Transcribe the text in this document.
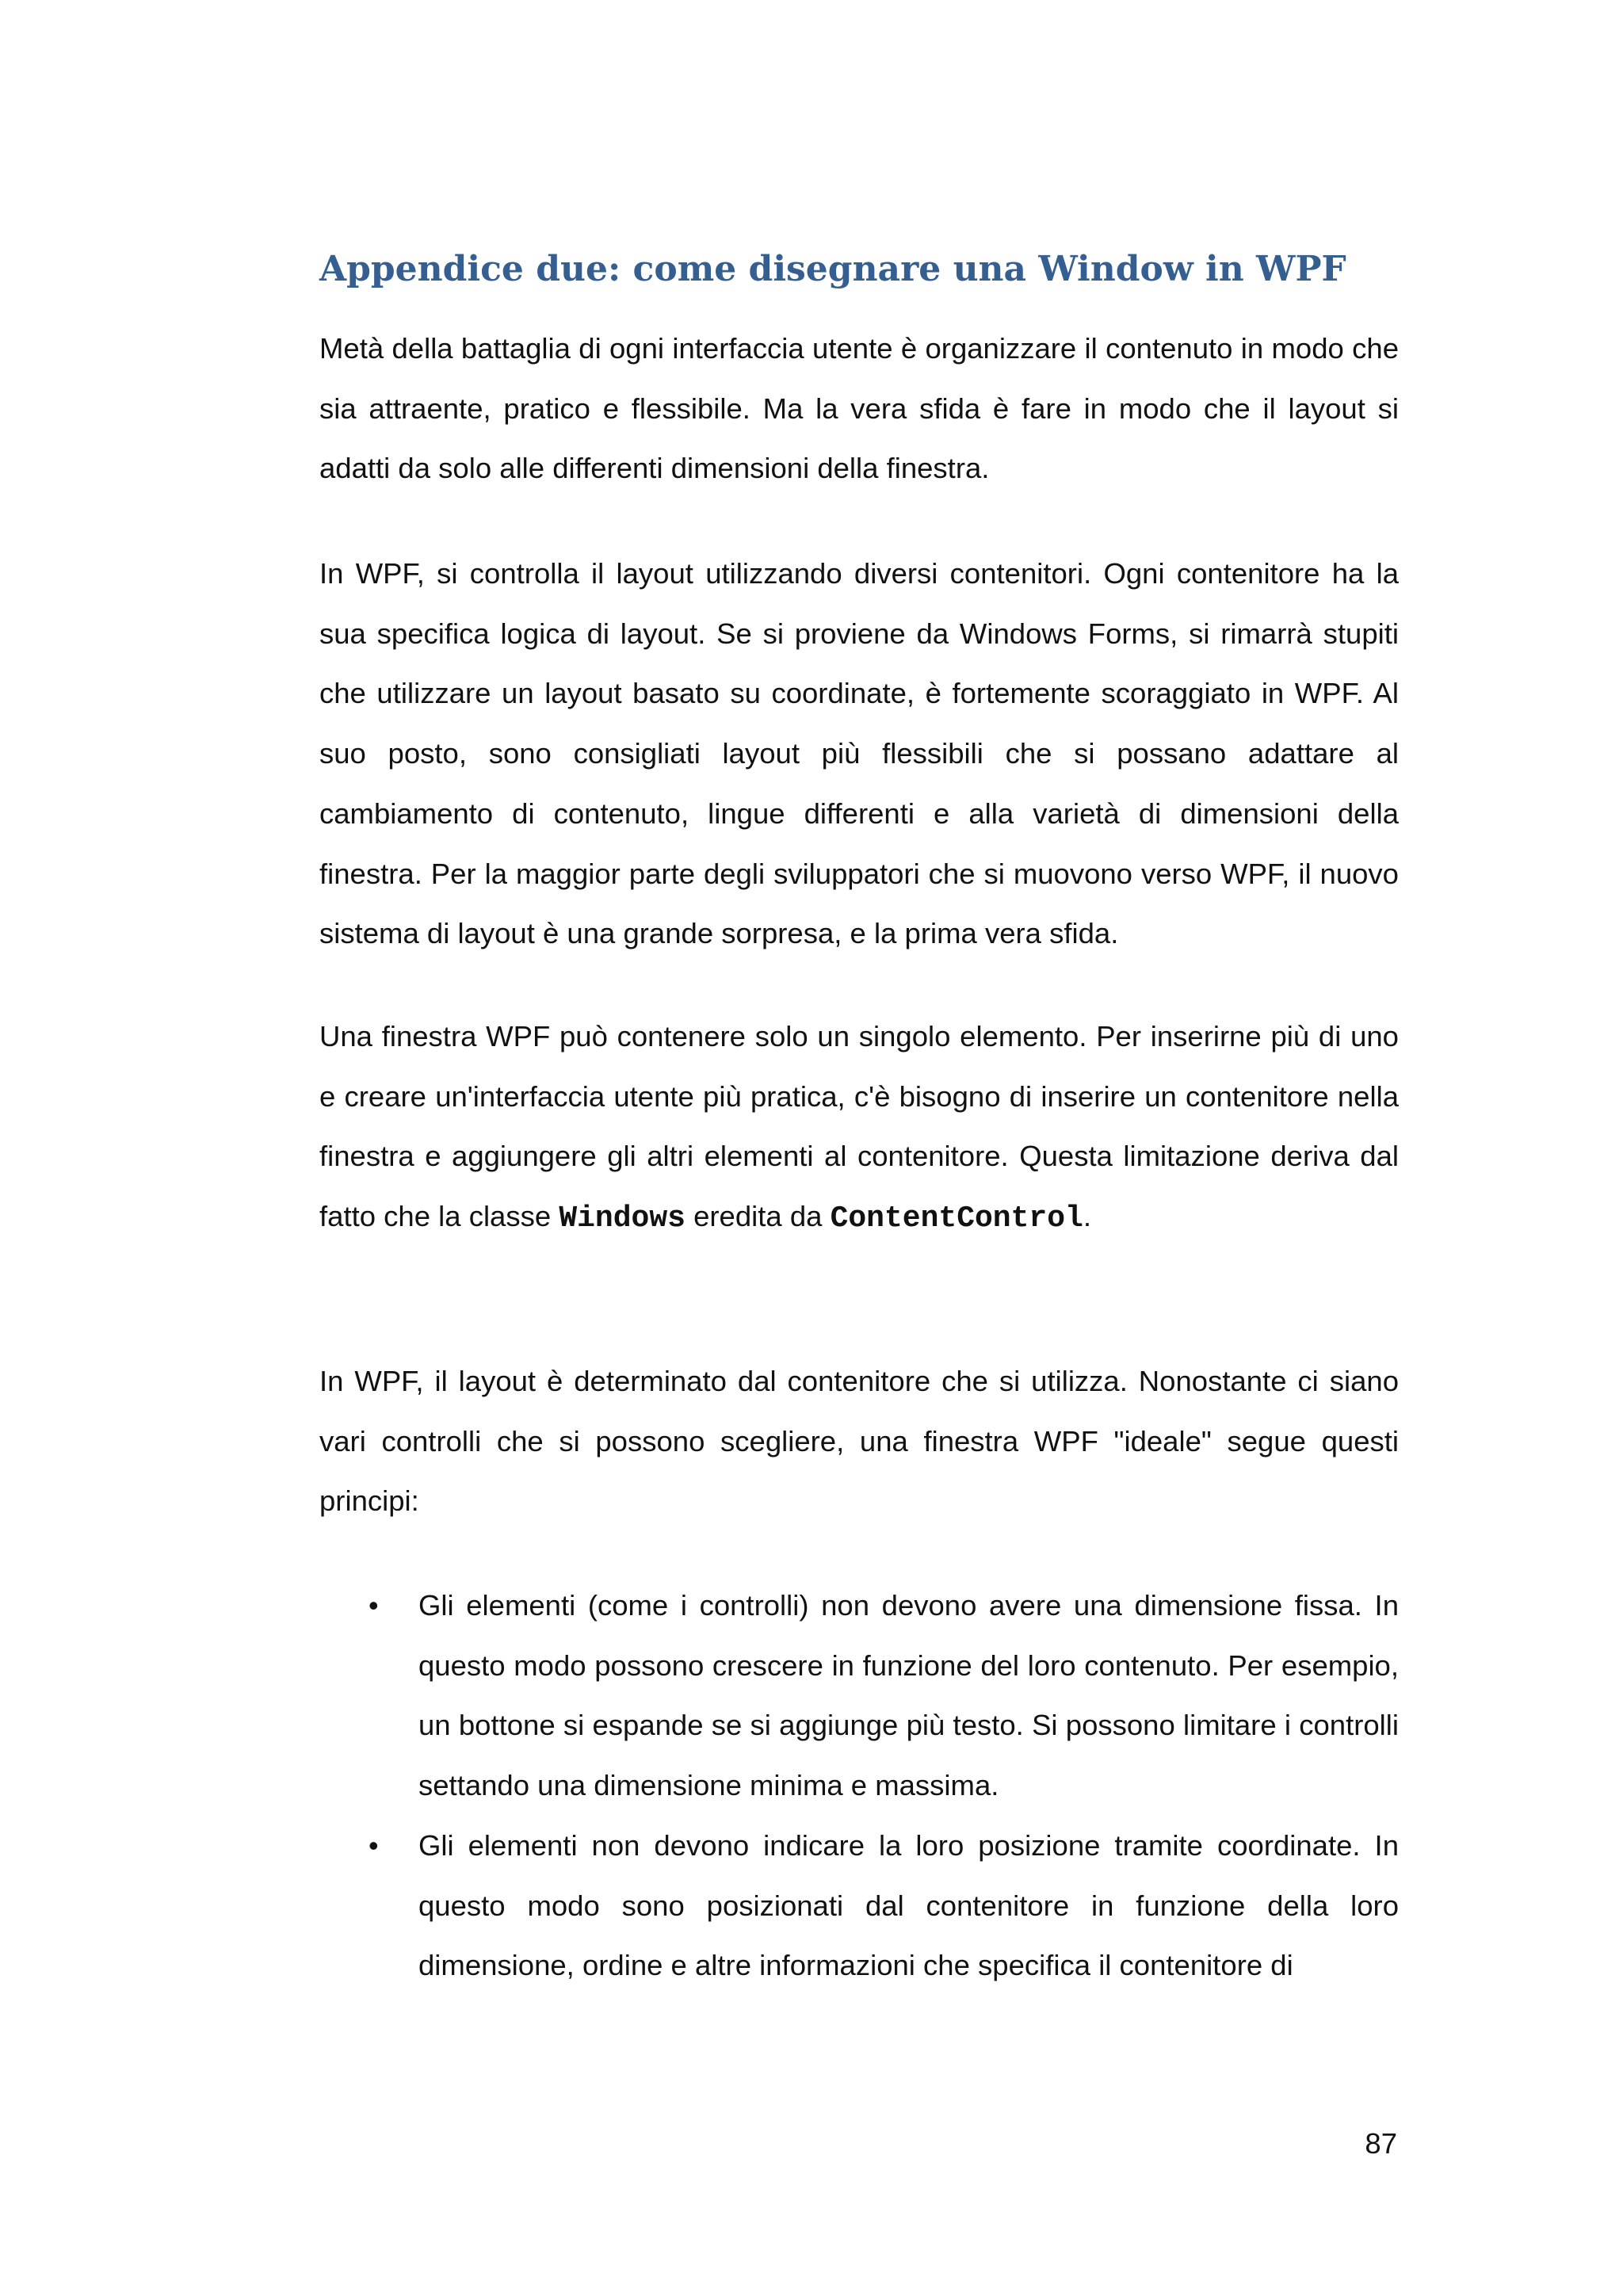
Appendice due: come disegnare una Window in WPF

Metà della battaglia di ogni interfaccia utente è organizzare il contenuto in modo che sia attraente, pratico e flessibile. Ma la vera sfida è fare in modo che il layout si adatti da solo alle differenti dimensioni della finestra.

In WPF, si controlla il layout utilizzando diversi contenitori. Ogni contenitore ha la sua specifica logica di layout. Se si proviene da Windows Forms, si rimarrà stupiti che utilizzare un layout basato su coordinate, è fortemente scoraggiato in WPF. Al suo posto, sono consigliati layout più flessibili che si possano adattare al cambiamento di contenuto, lingue differenti e alla varietà di dimensioni della finestra. Per la maggior parte degli sviluppatori che si muovono verso WPF, il nuovo sistema di layout è una grande sorpresa, e la prima vera sfida.

Una finestra WPF può contenere solo un singolo elemento. Per inserirne più di uno e creare un'interfaccia utente più pratica, c'è bisogno di inserire un contenitore nella finestra e aggiungere gli altri elementi al contenitore. Questa limitazione deriva dal fatto che la classe Windows eredita da ContentControl.

In WPF, il layout è determinato dal contenitore che si utilizza. Nonostante ci siano vari controlli che si possono scegliere, una finestra WPF "ideale" segue questi principi:

•	Gli elementi (come i controlli) non devono avere una dimensione fissa. In questo modo possono crescere in funzione del loro contenuto. Per esempio, un bottone si espande se si aggiunge più testo. Si possono limitare i controlli settando una dimensione minima e massima.
•	Gli elementi non devono indicare la loro posizione tramite coordinate. In questo modo sono posizionati dal contenitore in funzione della loro dimensione, ordine e altre informazioni che specifica il contenitore di
87
